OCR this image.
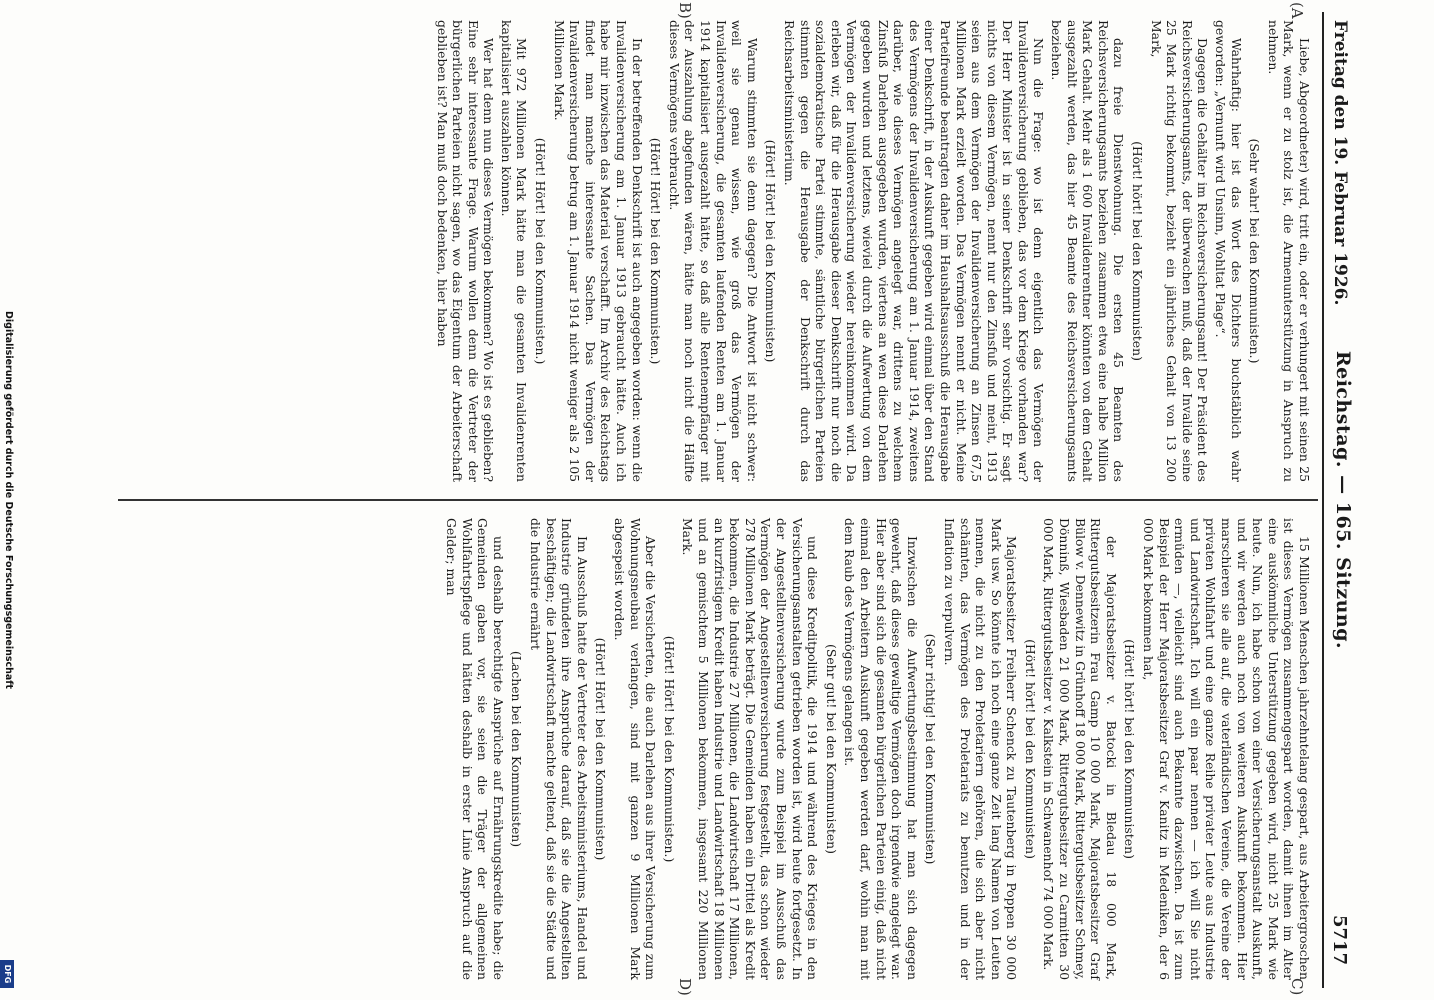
Freitag den 19. Februar 1926.
Reichstag. — 165. Sitzung.
5717
(A
B)
C)
D)

Liebe, Abgeordneter) wird, tritt ein, oder er verhungert mit seinen 25 Mark, wenn er zu stolz ist, die Armenunterstützung in Anspruch zu nehmen.

(Sehr wahr! bei den Kommunisten.)

Wahrhaftig: hier ist das Wort des Dichters buchstäblich wahr geworden: „Vernunft wird Unsinn, Wohltat Plage“.

Dagegen die Gehälter im Reichsversicherungsamt! Der Präsident des Reichsversicherungsamts, der überwachen muß, daß der Invalide seine 25 Mark richtig bekommt, bezieht ein jährliches Gehalt von 13 200 Mark,

(Hört! hört! bei den Kommunisten)

dazu freie Dienstwohnung. Die ersten 45 Beamten des Reichsversicherungsamts beziehen zusammen etwa eine halbe Million Mark Gehalt. Mehr als 1 600 Invalidenrentner könnten von dem Gehalt ausgezahlt werden, das hier 45 Beamte des Reichsversicherungsamts beziehen.

Nun die Frage: wo ist denn eigentlich das Vermögen der Invalidenversicherung geblieben, das vor dem Kriege vorhanden war? Der Herr Minister ist in seiner Denkschrift sehr vorsichtig. Er sagt nichts von diesem Vermögen, nennt nur den Zinsfuß und meint, 1913 seien aus dem Vermögen der Invalidenversicherung an Zinsen 67,5 Millionen Mark erzielt worden. Das Vermögen nennt er nicht. Meine Parteifreunde beantragten daher im Haushaltsausschuß die Herausgabe einer Denkschrift, in der Auskunft gegeben wird einmal über den Stand des Vermögens der Invalidenversicherung am 1. Januar 1914, zweitens darüber, wie dieses Vermögen angelegt war, drittens zu welchem Zinsfuß Darlehen ausgegeben wurden, viertens an wen diese Darlehen gegeben wurden und letztens, wieviel durch die Aufwertung von dem Vermögen der Invalidenversicherung wieder hereinkommen wird. Da erleben wir, daß für die Herausgabe dieser Denkschrift nur noch die sozialdemokratische Partei stimmte, sämtliche bürgerlichen Parteien stimmten gegen die Herausgabe der Denkschrift durch das Reichsarbeitsministerium.

(Hört! Hört! bei den Kommunisten)

Warum stimmten sie denn dagegen? Die Antwort ist nicht schwer: weil sie genau wissen, wie groß das Vermögen der Invalidenversicherung, die gesamten laufenden Renten am 1. Januar 1914 kapitalisiert ausgezahlt hätte, so daß alle Rentenempfänger mit der Auszahlung abgefunden wären, hätte man noch nicht die Hälfte dieses Vermögens verbraucht.

(Hört! Hört! bei den Kommunisten.)

In der betreffenden Denkschrift ist auch angegeben worden: wenn die Invalidenversicherung am 1. Januar 1913 gebraucht hätte. Auch ich habe mir inzwischen das Material verschafft. Im Archiv des Reichstags findet man manche interessante Sachen. Das Vermögen der Invalidenversicherung betrug am 1. Januar 1914 nicht weniger als 2 105 Millionen Mark.

(Hört! Hört! bei den Kommunisten.)

Mit 972 Millionen Mark hätte man die gesamten Invalidenrenten kapitalisiert auszahlen können.

Wer hat denn nun dieses Vermögen bekommen? Wo ist es geblieben? Eine sehr interessante Frage. Warum wollen denn die Vertreter der bürgerlichen Parteien nicht sagen, wo das Eigentum der Arbeiterschaft geblieben ist? Man muß doch bedenken, hier haben

15 Millionen Menschen jahrzehntelang gespart, aus Arbeitergroschen ist dieses Vermögen zusammengespart worden, damit ihnen im Alter eine auskömmliche Unterstützung gegeben wird, nicht 25 Mark wie heute. Nun, ich habe schon von einer Versicherungsanstalt Auskunft, und wir werden auch noch von weiteren Auskunft bekommen. Hier marschieren sie alle auf, die vaterländischen Vereine, die Vereine der privaten Wohlfahrt und eine ganze Reihe privater Leute aus Industrie und Landwirtschaft. Ich will ein paar nennen — ich will Sie nicht ermüden —, vielleicht sind auch Bekannte dazwischen. Da ist zum Beispiel der Herr Majoratsbesitzer Graf v. Kanitz in Medeniken, der 6 000 Mark bekommen hat,

(Hört! hört! bei den Kommunisten)

der Majoratsbesitzer v. Batocki in Bledau 18 000 Mark, Rittergutsbesitzerin Frau Gamp 10 000 Mark, Majoratsbesitzer Graf Bülow v. Dennewitz in Grünhoff 18 000 Mark, Rittergutsbesitzer Schmey, Dönninß, Wiesbaden 21 000 Mark, Rittergutsbesitzer zu Carmitten 30 000 Mark, Rittergutsbesitzer v. Kalkstein in Schwanenhof 74 000 Mark.

(Hört! hört! bei den Kommunisten)

Majoratsbesitzer Freiherr Schenck zu Tautenberg in Poppen 30 000 Mark usw. So könnte ich noch eine ganze Zeit lang Namen von Leuten nennen, die nicht zu den Proletariern gehören, die sich aber nicht schämten, das Vermögen des Proletariats zu benutzen und in der Inflation zu verpulvern.

(Sehr richtig! bei den Kommunisten)

Inzwischen die Aufwertungsbestimmung hat man sich dagegen gewehrt, daß dieses gewaltige Vermögen doch irgendwie angelegt war. Hier aber sind sich die gesamten bürgerlichen Parteien einig, daß nicht einmal den Arbeitern Auskunft gegeben werden darf, wohin man mit dem Raub des Vermögens gelangen ist.

(Sehr gut! bei den Kommunisten)

und diese Kreditpolitik, die 1914 und während des Krieges in den Versicherungsanstalten getrieben worden ist, wird heute fortgesetzt. In der Angestelltenversicherung wurde zum Beispiel im Ausschuß das Vermögen der Angestelltenversicherung festgestellt, das schon wieder 278 Millionen Mark beträgt. Die Gemeinden haben ein Drittel als Kredit bekommen, die Industrie 27 Millionen, die Landwirtschaft 17 Millionen, an kurzfristigem Kredit haben Industrie und Landwirtschaft 18 Millionen und an gemischtem 5 Millionen bekommen, insgesamt 220 Millionen Mark.

(Hört! Hört! bei den Kommunisten.)

Aber die Versicherten, die auch Darlehen aus ihrer Versicherung zum Wohnungsneubau verlangen, sind mit ganzen 9 Millionen Mark abgespeist worden.

(Hört! Hört! bei den Kommunisten)

Im Ausschuß hatte der Vertreter des Arbeitsministeriums, Handel und Industrie gründeten ihre Ansprüche darauf, daß sie die Angestellten beschäftigen; die Landwirtschaft machte geltend, daß sie die Städte und die Industrie ernährt

(Lachen bei den Kommunisten)

und deshalb berechtigte Ansprüche auf Ernährungskredite habe; die Gemeinden gaben vor, sie seien die Träger der allgemeinen Wohlfahrtspflege und hätten deshalb in erster Linie Anspruch auf die Gelder; man

Digitalisierung gefördert durch die Deutsche Forschungsgemeinschaft
DFG
